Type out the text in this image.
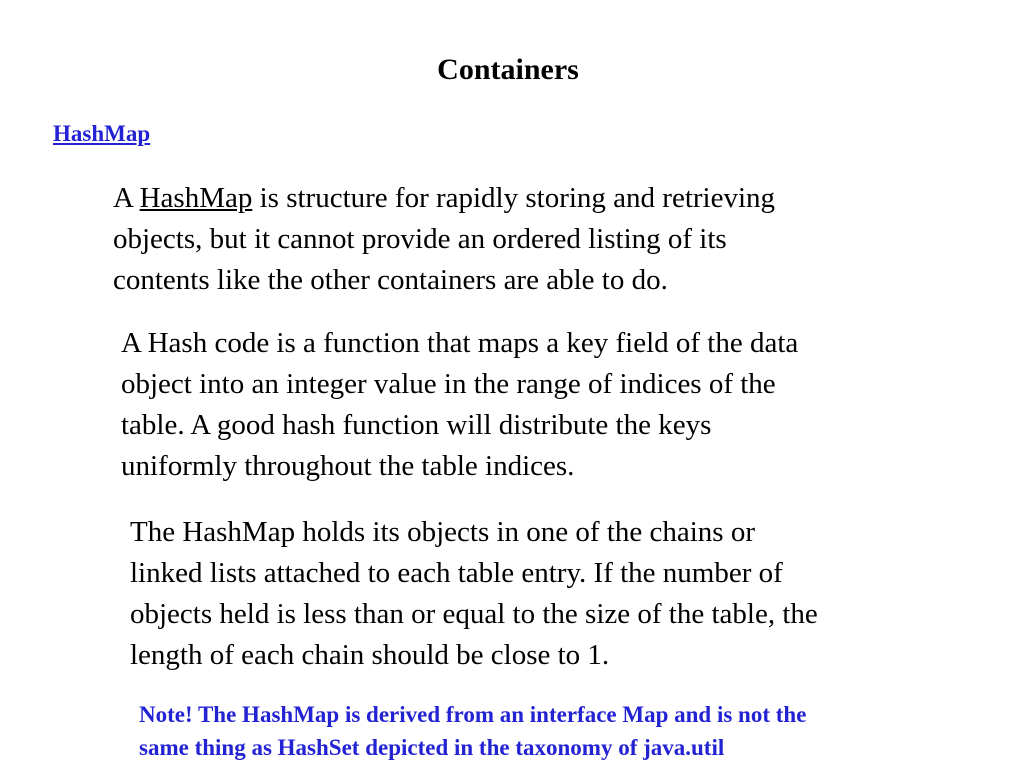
Containers
HashMap

A HashMap is structure for rapidly storing and retrieving
objects, but it cannot provide an ordered listing of its
contents like the other containers are able to do.

A Hash code is a function that maps a key field of the data
object into an integer value in the range of indices of the
table. A good hash function will distribute the keys
uniformly throughout the table indices.

The HashMap holds its objects in one of the chains or
linked lists attached to each table entry. If the number of
objects held is less than or equal to the size of the table, the
length of each chain should be close to 1.

Note! The HashMap is derived from an interface Map and is not the
same thing as HashSet depicted in the taxonomy of java.util
